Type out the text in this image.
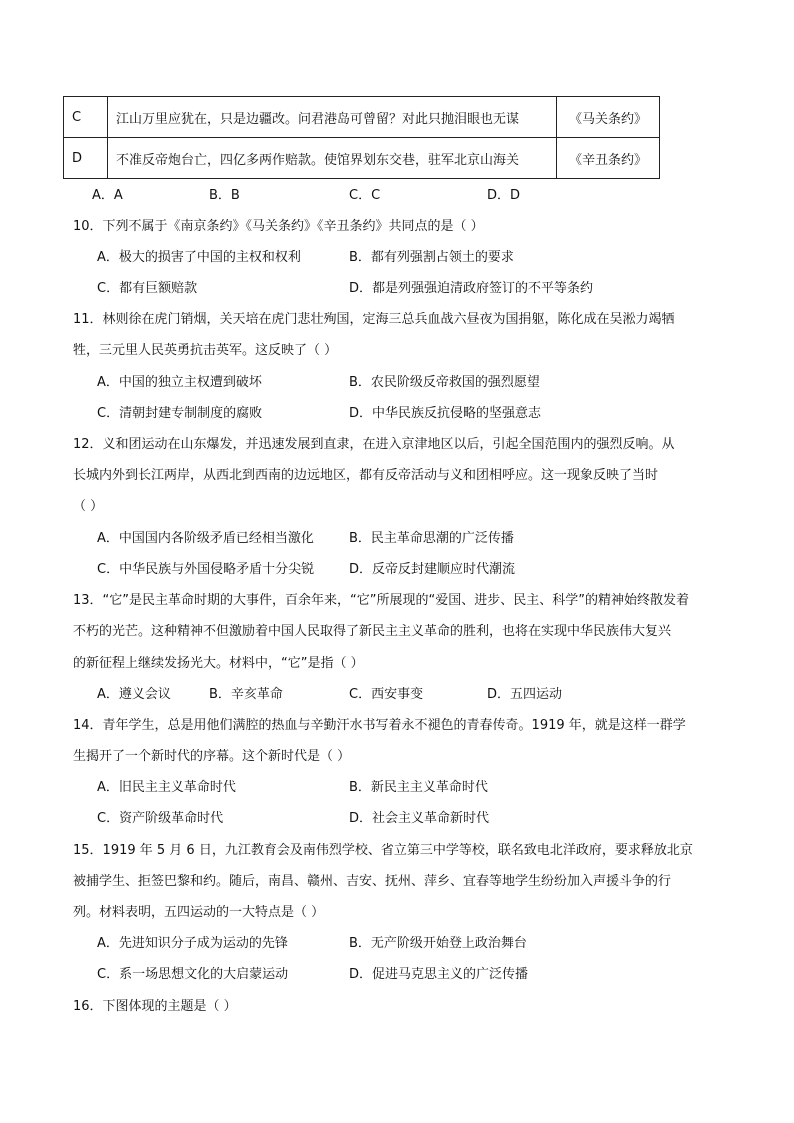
C	江山万里应犹在，只是边疆改。问君港岛可曾留？对此只抛泪眼也无谋	《马关条约》
D	不准反帝炮台亡，四亿多两作赔款。使馆界划东交巷，驻军北京山海关	《辛丑条约》
A．A	B．B	C．C	D．D
10．下列不属于《南京条约》《马关条约》《辛丑条约》共同点的是（ ）
A．极大的损害了中国的主权和权利	B．都有列强割占领土的要求
C．都有巨额赔款	D．都是列强强迫清政府签订的不平等条约
11．林则徐在虎门销烟，关天培在虎门悲壮殉国，定海三总兵血战六昼夜为国捐躯，陈化成在吴淞力竭牺
牲，三元里人民英勇抗击英军。这反映了（ ）
A．中国的独立主权遭到破坏	B．农民阶级反帝救国的强烈愿望
C．清朝封建专制制度的腐败	D．中华民族反抗侵略的坚强意志
12．义和团运动在山东爆发，并迅速发展到直隶，在进入京津地区以后，引起全国范围内的强烈反响。从
长城内外到长江两岸，从西北到西南的边远地区，都有反帝活动与义和团相呼应。这一现象反映了当时
（ ）
A．中国国内各阶级矛盾已经相当激化	B．民主革命思潮的广泛传播
C．中华民族与外国侵略矛盾十分尖锐	D．反帝反封建顺应时代潮流
13．“它”是民主革命时期的大事件，百余年来，“它”所展现的“爱国、进步、民主、科学”的精神始终散发着
不朽的光芒。这种精神不但激励着中国人民取得了新民主主义革命的胜利，也将在实现中华民族伟大复兴
的新征程上继续发扬光大。材料中，“它”是指（ ）
A．遵义会议	B．辛亥革命	C．西安事变	D．五四运动
14．青年学生，总是用他们满腔的热血与辛勤汗水书写着永不褪色的青春传奇。1919 年，就是这样一群学
生揭开了一个新时代的序幕。这个新时代是（ ）
A．旧民主主义革命时代	B．新民主主义革命时代
C．资产阶级革命时代	D．社会主义革命新时代
15．1919 年 5 月 6 日，九江教育会及南伟烈学校、省立第三中学等校，联名致电北洋政府，要求释放北京
被捕学生、拒签巴黎和约。随后，南昌、赣州、吉安、抚州、萍乡、宜春等地学生纷纷加入声援斗争的行
列。材料表明，五四运动的一大特点是（ ）
A．先进知识分子成为运动的先锋	B．无产阶级开始登上政治舞台
C．系一场思想文化的大启蒙运动	D．促进马克思主义的广泛传播
16．下图体现的主题是（ ）
